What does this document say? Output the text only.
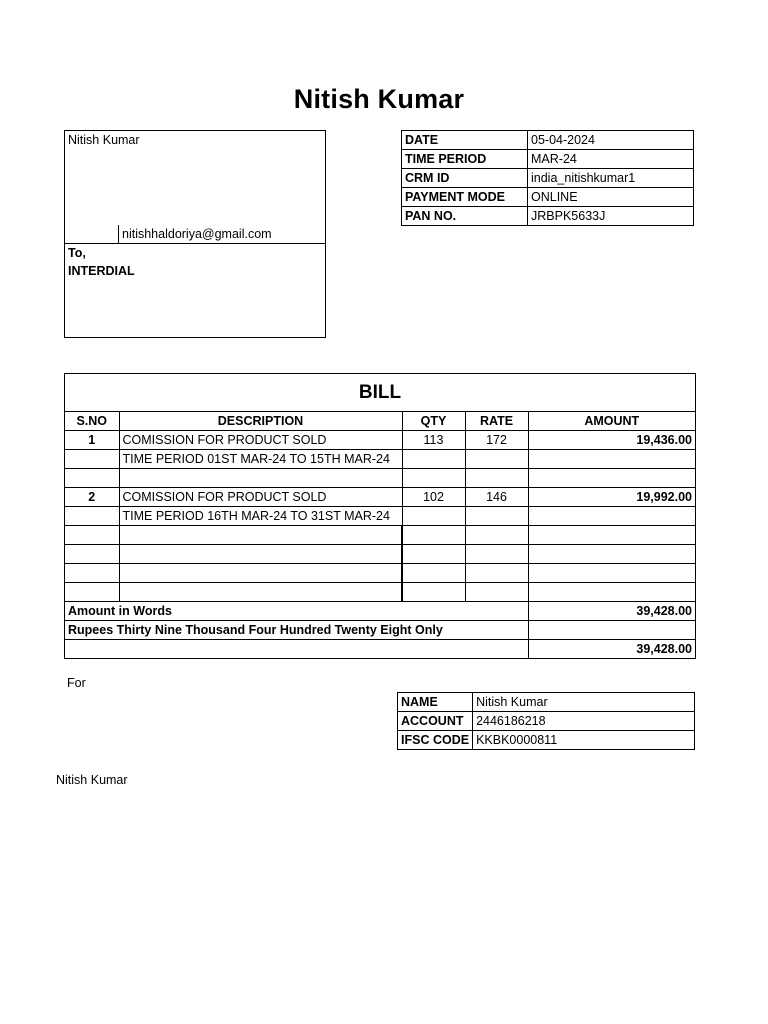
Nitish Kumar
Nitish Kumar
nitishhaldoriya@gmail.com
To,
INTERDIAL
DATE	05-04-2024
TIME PERIOD	MAR-24
CRM ID	india_nitishkumar1
PAYMENT MODE	ONLINE
PAN NO.	JRBPK5633J
BILL
S.NO	DESCRIPTION	QTY	RATE	AMOUNT
1	COMISSION FOR PRODUCT SOLD	113	172	19,436.00
	TIME PERIOD 01ST MAR-24 TO 15TH MAR-24			

2	COMISSION FOR PRODUCT SOLD	102	146	19,992.00
	TIME PERIOD 16TH MAR-24 TO 31ST MAR-24			

Amount in Words				39,428.00
Rupees Thirty Nine Thousand Four Hundred Twenty Eight Only				
				39,428.00
For
NAME	Nitish Kumar
ACCOUNT	2446186218
IFSC CODE	KKBK0000811
Nitish Kumar
